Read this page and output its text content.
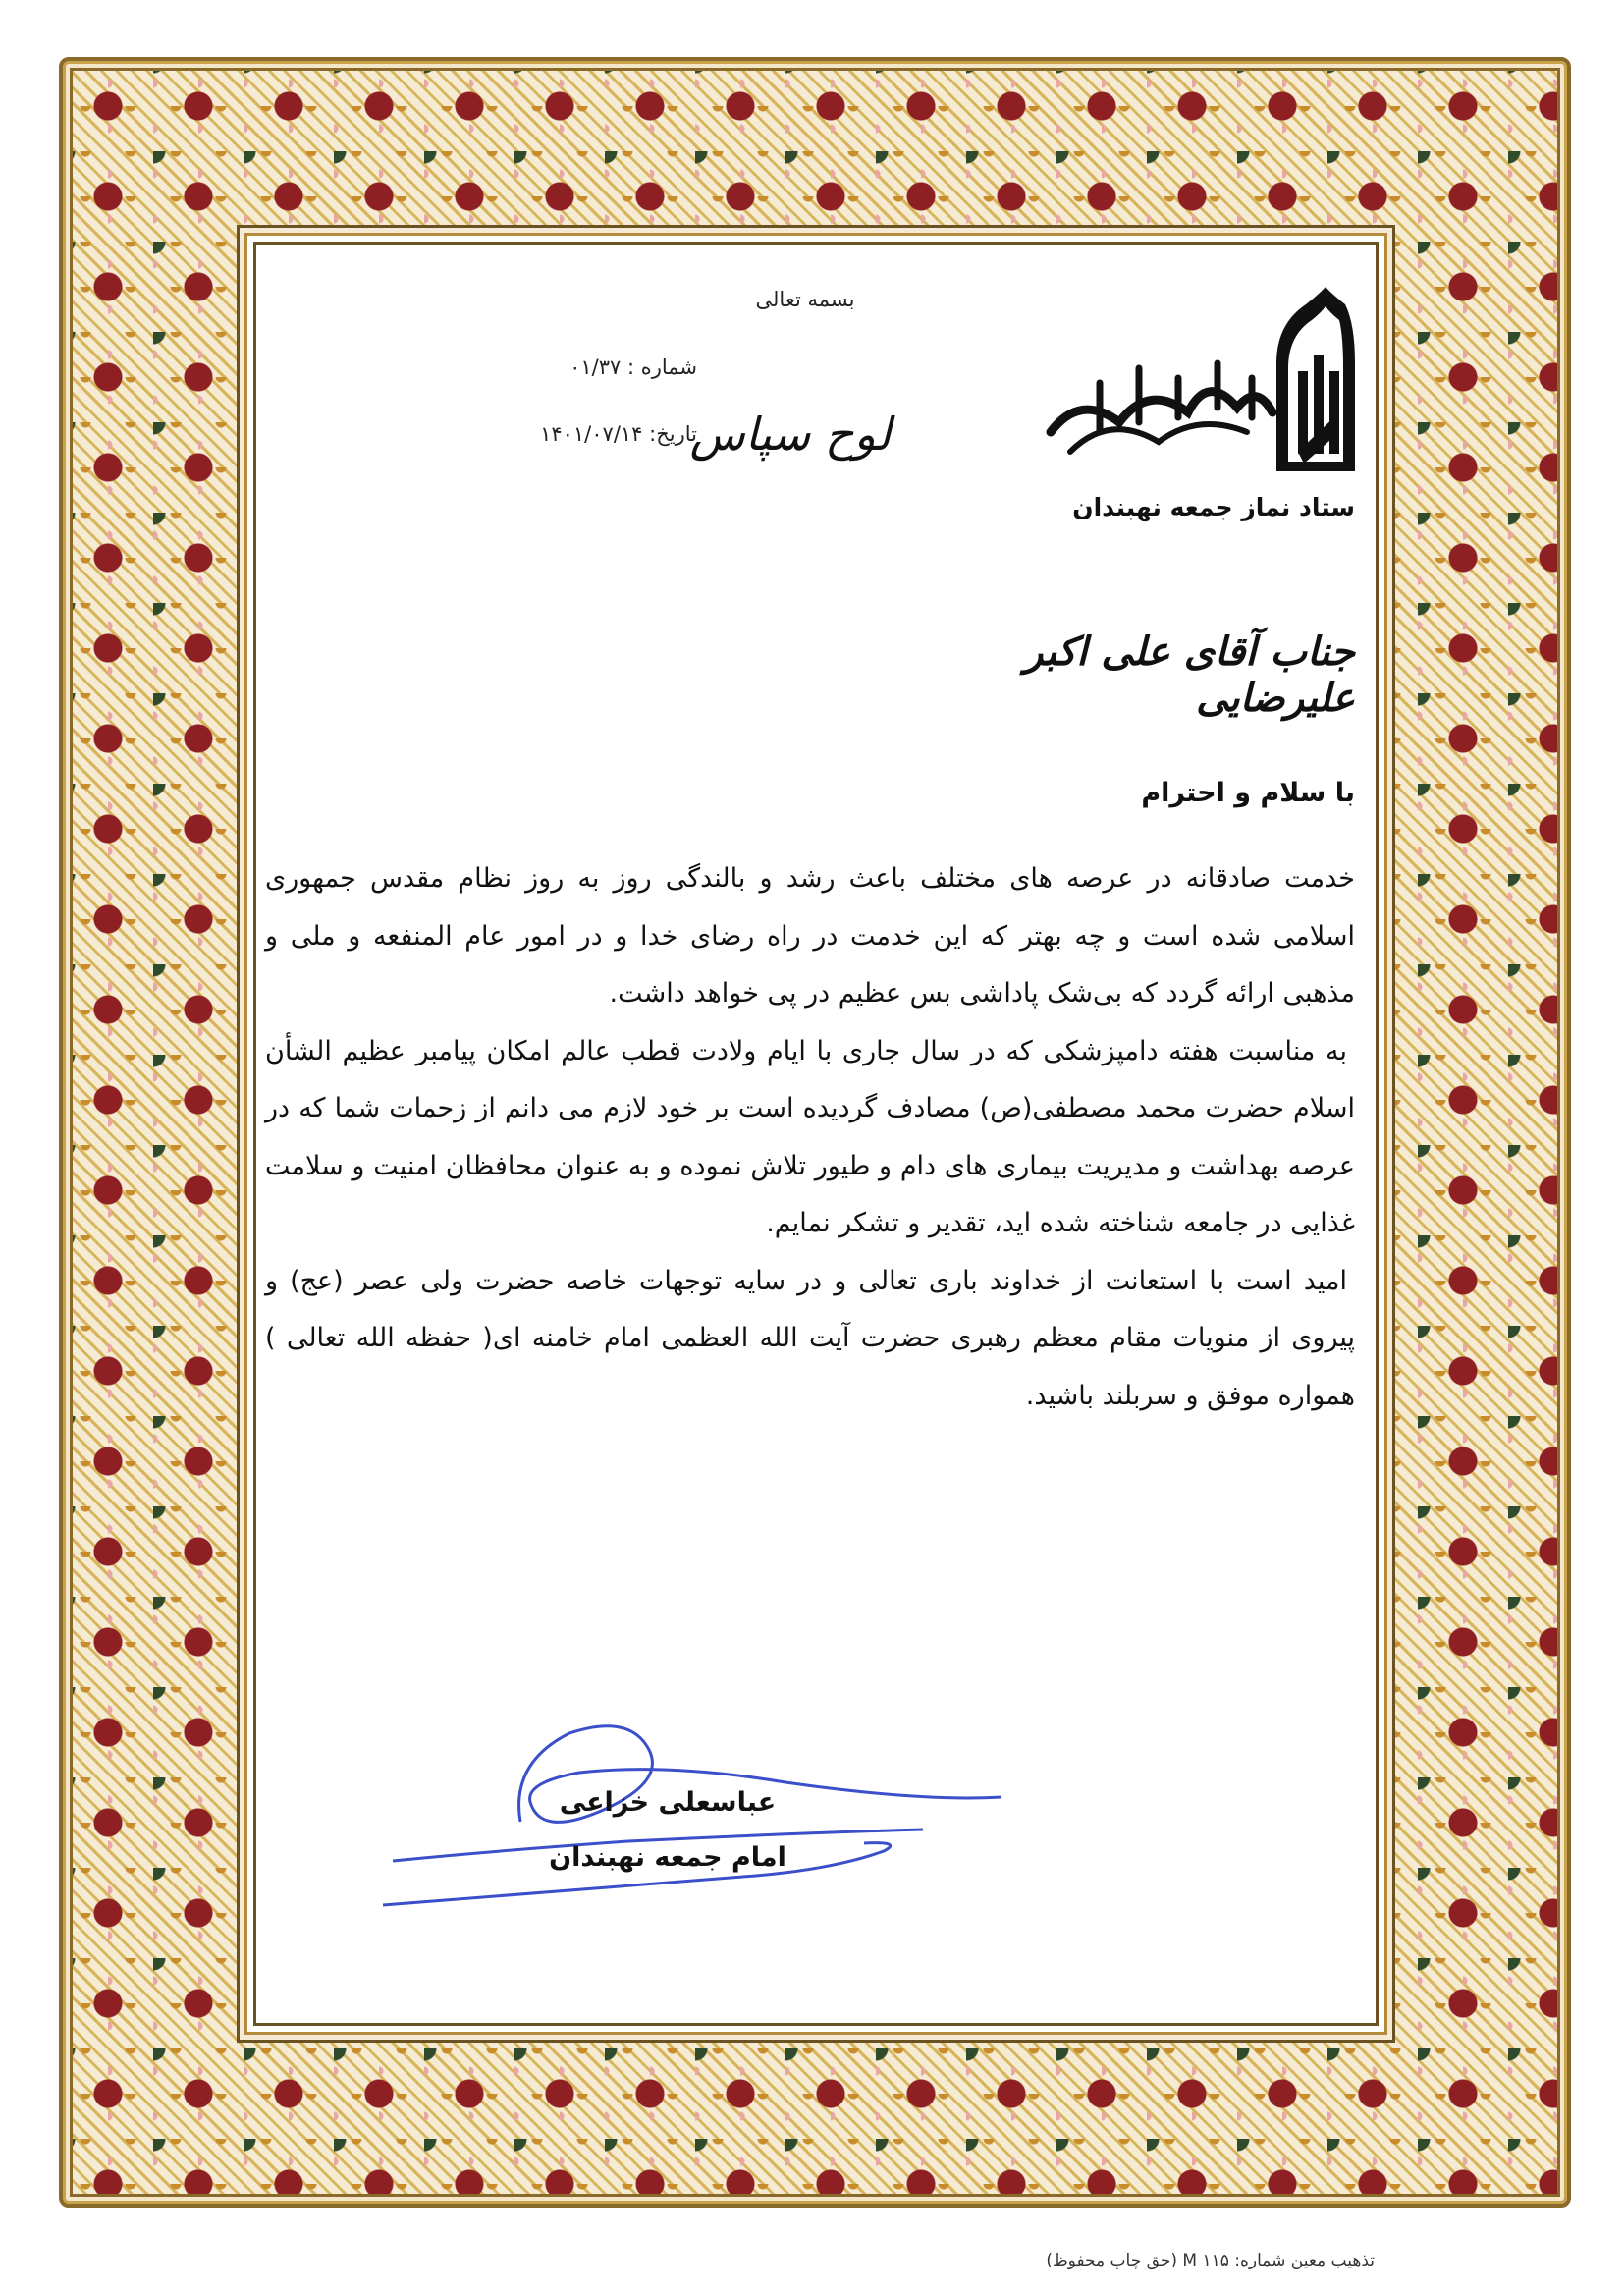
بسمه تعالی
شماره : ۰۱/۳۷
تاریخ: ۱۴۰۱/۰۷/۱۴
لوح سپاس
ستاد نماز جمعه نهبندان
جناب آقای علی اکبر علیرضایی
با سلام و احترام

خدمت صادقانه در عرصه های مختلف باعث رشد و بالندگی روز به روز نظام مقدس جمهوری اسلامی شده است و چه بهتر که این خدمت در راه رضای خدا و در امور عام المنفعه و ملی و مذهبی ارائه گردد که بی‌شک پاداشی بس عظیم در پی خواهد داشت.

به مناسبت هفته دامپزشکی که در سال جاری با ایام ولادت قطب عالم امکان پیامبر عظیم الشأن اسلام حضرت محمد مصطفی(ص) مصادف گردیده است بر خود لازم می دانم از زحمات شما که در عرصه بهداشت و مدیریت بیماری های دام و طیور تلاش نموده و به عنوان محافظان امنیت و سلامت غذایی در جامعه شناخته شده اید، تقدیر و تشکر نمایم.

امید است با استعانت از خداوند باری تعالی و در سایه توجهات خاصه حضرت ولی عصر (عج) و پیروی از منویات مقام معظم رهبری حضرت آیت الله العظمی امام خامنه ای( حفظه الله تعالی ) همواره موفق و سربلند باشید.

عباسعلی خزاعی
امام جمعه نهبندان
تذهیب معین شماره: ۱۱۵ M (حق چاپ محفوظ)
